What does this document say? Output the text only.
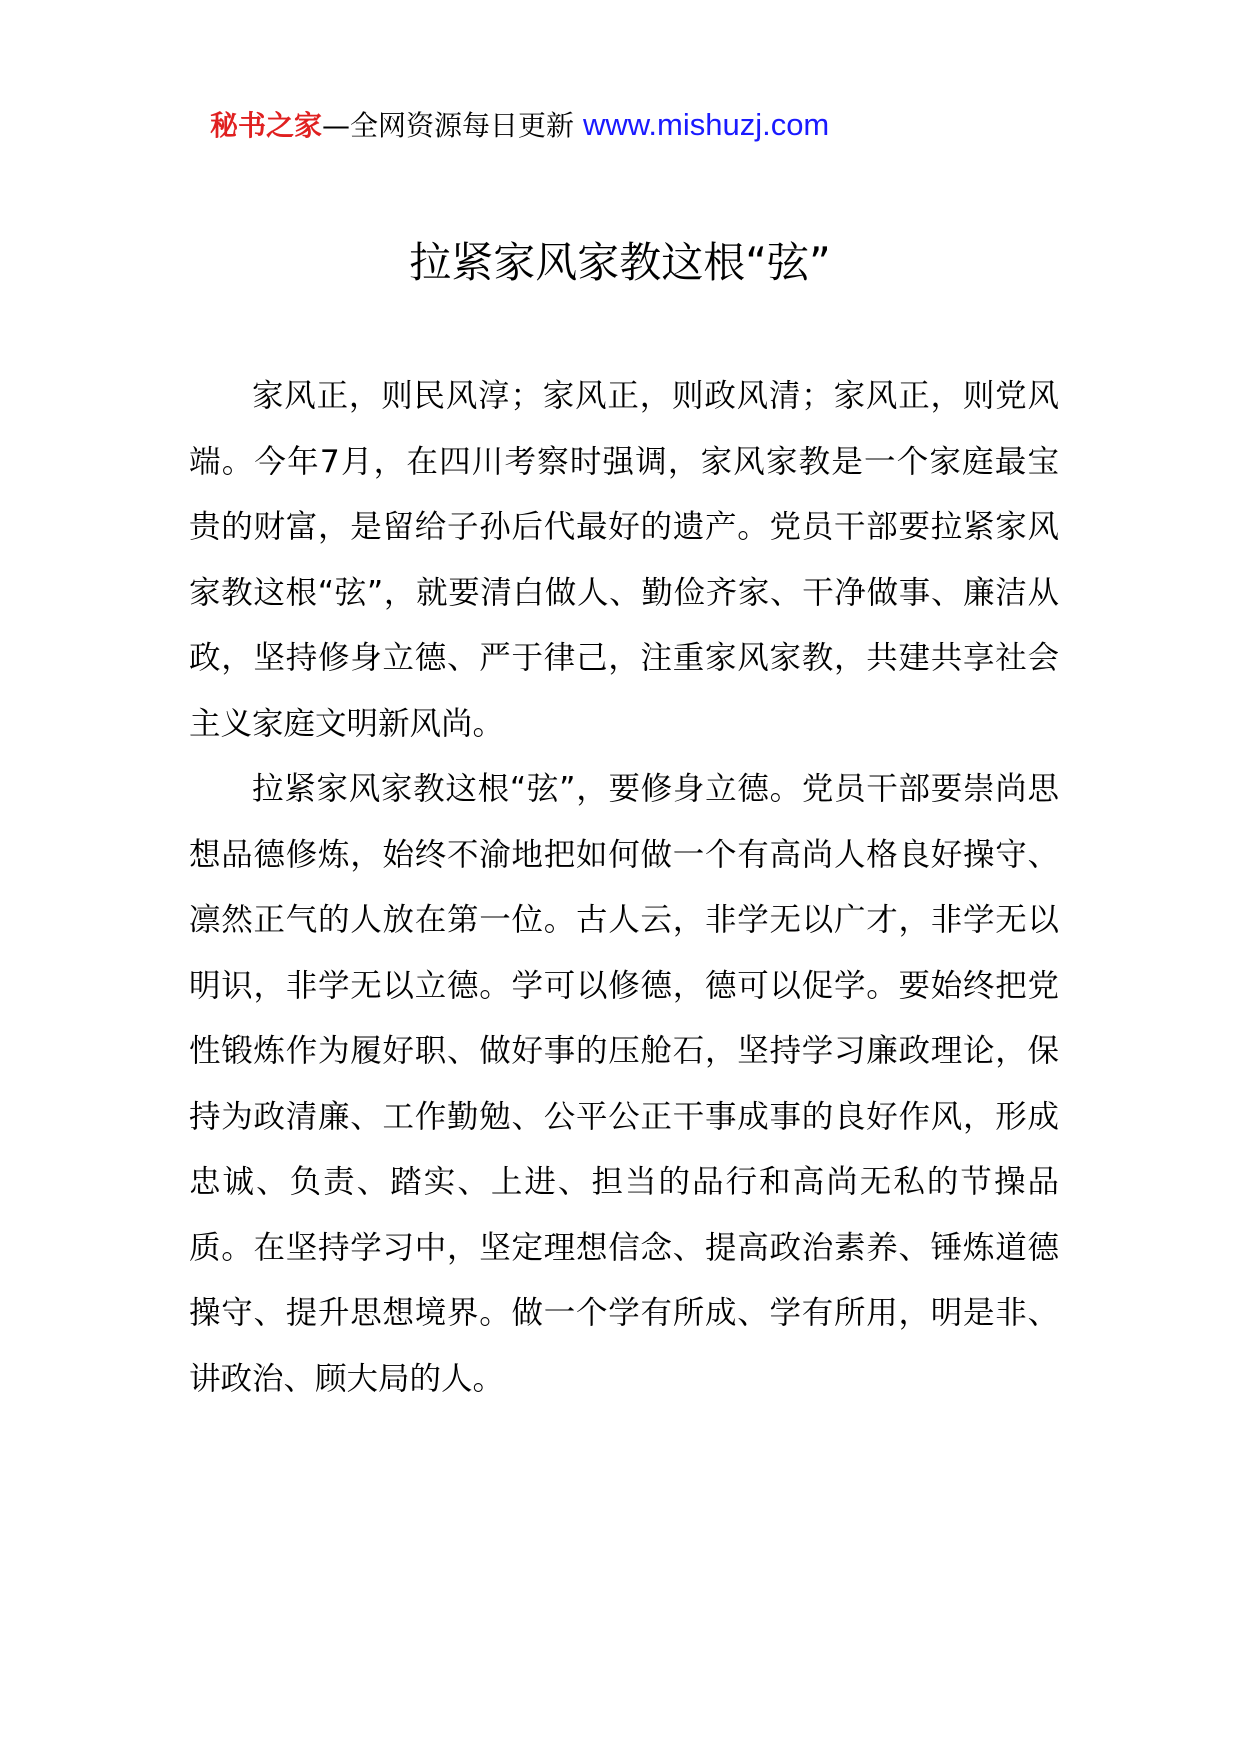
秘书之家—全网资源每日更新 www.mishuzj.com
拉紧家风家教这根“弦”

家风正，则民风淳；家风正，则政风清；家风正，则党风端。今年7月，在四川考察时强调，家风家教是一个家庭最宝贵的财富，是留给子孙后代最好的遗产。党员干部要拉紧家风家教这根“弦”，就要清白做人、勤俭齐家、干净做事、廉洁从政，坚持修身立德、严于律己，注重家风家教，共建共享社会主义家庭文明新风尚。

拉紧家风家教这根“弦”，要修身立德。党员干部要崇尚思想品德修炼，始终不渝地把如何做一个有高尚人格良好操守、凛然正气的人放在第一位。古人云，非学无以广才，非学无以明识，非学无以立德。学可以修德，德可以促学。要始终把党性锻炼作为履好职、做好事的压舱石，坚持学习廉政理论，保持为政清廉、工作勤勉、公平公正干事成事的良好作风，形成忠诚、负责、踏实、上进、担当的品行和高尚无私的节操品质。在坚持学习中，坚定理想信念、提高政治素养、锤炼道德操守、提升思想境界。做一个学有所成、学有所用，明是非、讲政治、顾大局的人。
